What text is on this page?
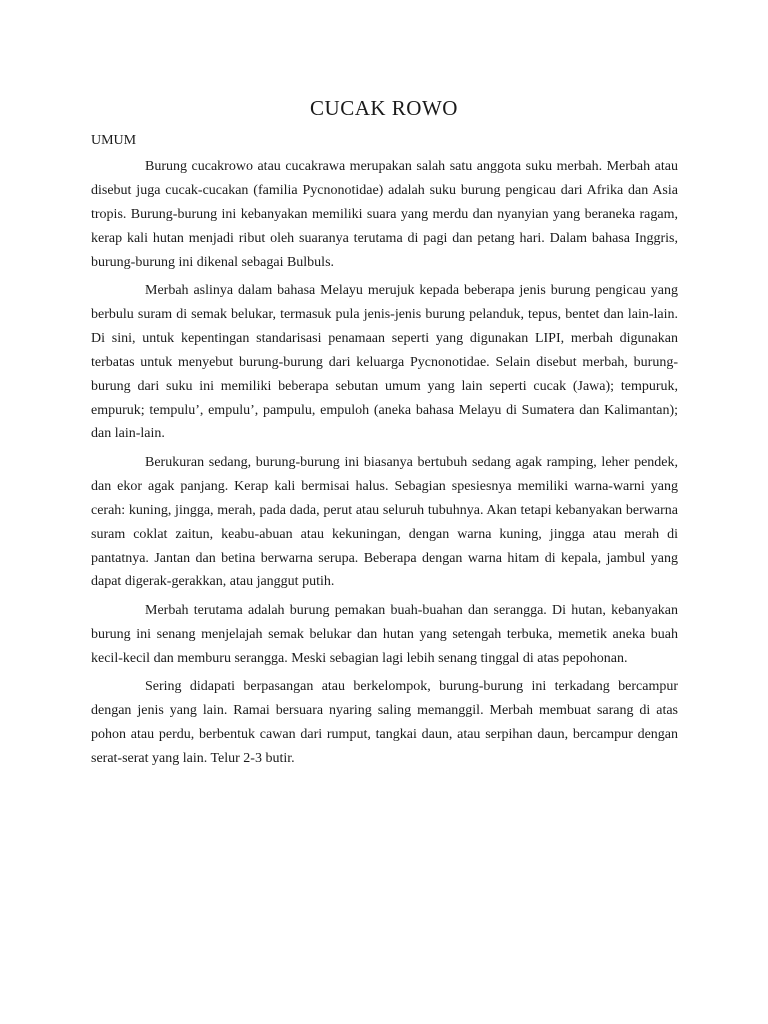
CUCAK ROWO
UMUM

Burung cucakrowo atau cucakrawa merupakan salah satu anggota suku merbah. Merbah atau disebut juga cucak-cucakan (familia Pycnonotidae) adalah suku burung pengicau dari Afrika dan Asia tropis. Burung-burung ini kebanyakan memiliki suara yang merdu dan nyanyian yang beraneka ragam, kerap kali hutan menjadi ribut oleh suaranya terutama di pagi dan petang hari. Dalam bahasa Inggris, burung-burung ini dikenal sebagai Bulbuls.

Merbah aslinya dalam bahasa Melayu merujuk kepada beberapa jenis burung pengicau yang berbulu suram di semak belukar, termasuk pula jenis-jenis burung pelanduk, tepus, bentet dan lain-lain. Di sini, untuk kepentingan standarisasi penamaan seperti yang digunakan LIPI, merbah digunakan terbatas untuk menyebut burung-burung dari keluarga Pycnonotidae. Selain disebut merbah, burung-burung dari suku ini memiliki beberapa sebutan umum yang lain seperti cucak (Jawa); tempuruk, empuruk; tempulu’, empulu’, pampulu, empuloh (aneka bahasa Melayu di Sumatera dan Kalimantan); dan lain-lain.

Berukuran sedang, burung-burung ini biasanya bertubuh sedang agak ramping, leher pendek, dan ekor agak panjang. Kerap kali bermisai halus. Sebagian spesiesnya memiliki warna-warni yang cerah: kuning, jingga, merah, pada dada, perut atau seluruh tubuhnya. Akan tetapi kebanyakan berwarna suram coklat zaitun, keabu-abuan atau kekuningan, dengan warna kuning, jingga atau merah di pantatnya. Jantan dan betina berwarna serupa. Beberapa dengan warna hitam di kepala, jambul yang dapat digerak-gerakkan, atau janggut putih.

Merbah terutama adalah burung pemakan buah-buahan dan serangga. Di hutan, kebanyakan burung ini senang menjelajah semak belukar dan hutan yang setengah terbuka, memetik aneka buah kecil-kecil dan memburu serangga. Meski sebagian lagi lebih senang tinggal di atas pepohonan.

Sering didapati berpasangan atau berkelompok, burung-burung ini terkadang bercampur dengan jenis yang lain. Ramai bersuara nyaring saling memanggil. Merbah membuat sarang di atas pohon atau perdu, berbentuk cawan dari rumput, tangkai daun, atau serpihan daun, bercampur dengan serat-serat yang lain. Telur 2-3 butir.
